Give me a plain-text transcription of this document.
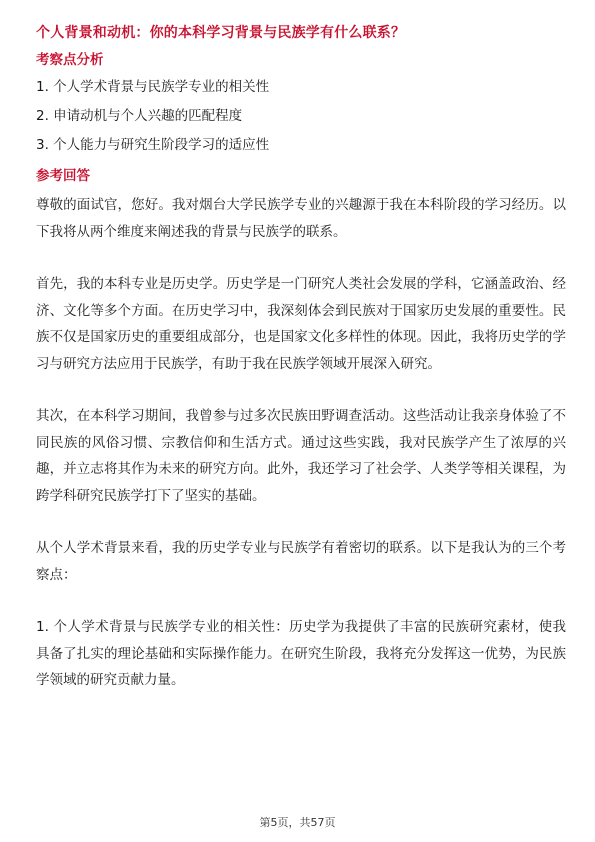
个人背景和动机：你的本科学习背景与民族学有什么联系？
考察点分析
1. 个人学术背景与民族学专业的相关性
2. 申请动机与个人兴趣的匹配程度
3. 个人能力与研究生阶段学习的适应性
参考回答

尊敬的面试官，您好。我对烟台大学民族学专业的兴趣源于我在本科阶段的学习经历。以下我将从两个维度来阐述我的背景与民族学的联系。

首先，我的本科专业是历史学。历史学是一门研究人类社会发展的学科，它涵盖政治、经济、文化等多个方面。在历史学习中，我深刻体会到民族对于国家历史发展的重要性。民族不仅是国家历史的重要组成部分，也是国家文化多样性的体现。因此，我将历史学的学习与研究方法应用于民族学，有助于我在民族学领域开展深入研究。

其次，在本科学习期间，我曾参与过多次民族田野调查活动。这些活动让我亲身体验了不同民族的风俗习惯、宗教信仰和生活方式。通过这些实践，我对民族学产生了浓厚的兴趣，并立志将其作为未来的研究方向。此外，我还学习了社会学、人类学等相关课程，为跨学科研究民族学打下了坚实的基础。

从个人学术背景来看，我的历史学专业与民族学有着密切的联系。以下是我认为的三个考察点：

1. 个人学术背景与民族学专业的相关性：历史学为我提供了丰富的民族研究素材，使我具备了扎实的理论基础和实际操作能力。在研究生阶段，我将充分发挥这一优势，为民族学领域的研究贡献力量。

第5页，共57页
